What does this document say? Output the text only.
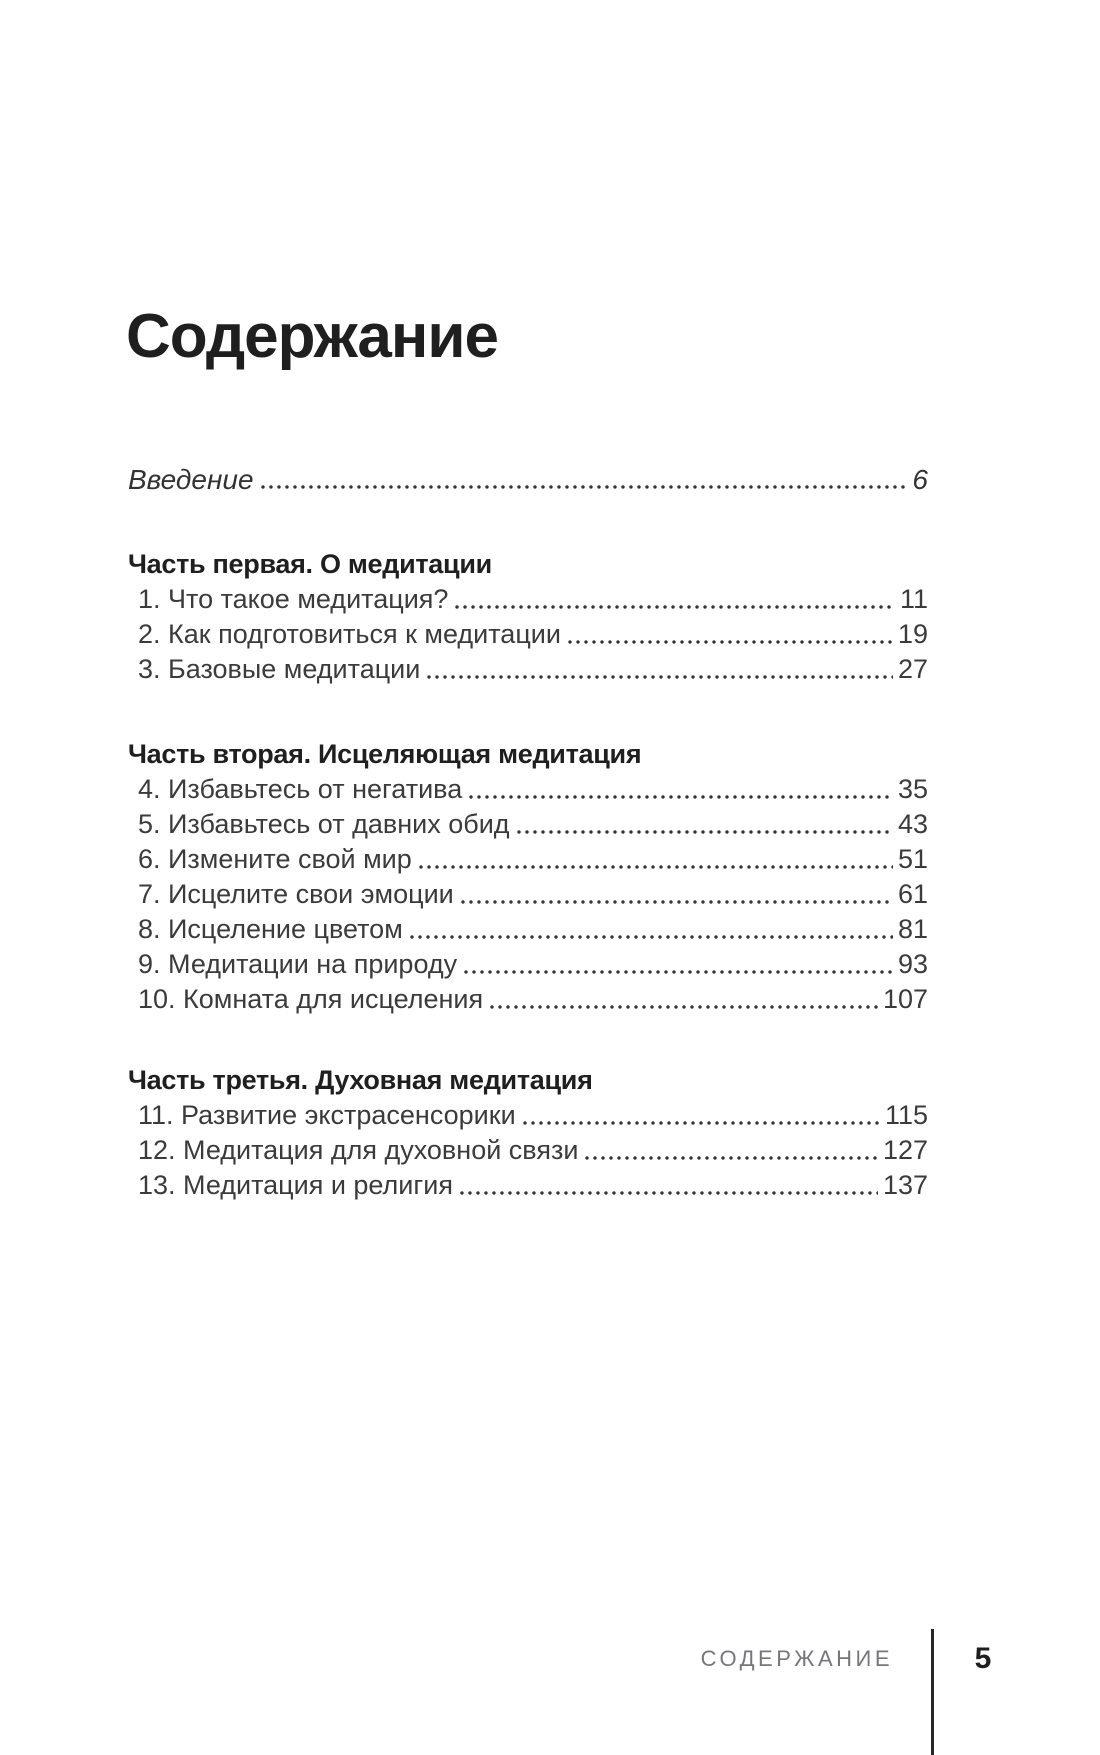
Содержание
Введение	6

Часть первая. О медитации

1. Что такое медитация?	11
2. Как подготовиться к медитации	19
3. Базовые медитации	27

Часть вторая. Исцеляющая медитация

4. Избавьтесь от негатива	35
5. Избавьтесь от давних обид	43
6. Измените свой мир	51
7. Исцелите свои эмоции	61
8. Исцеление цветом	81
9. Медитации на природу	93
10. Комната для исцеления	107

Часть третья. Духовная медитация

11. Развитие экстрасенсорики	115
12. Медитация для духовной связи	127
13. Медитация и религия	137
СОДЕРЖАНИЕ	5
